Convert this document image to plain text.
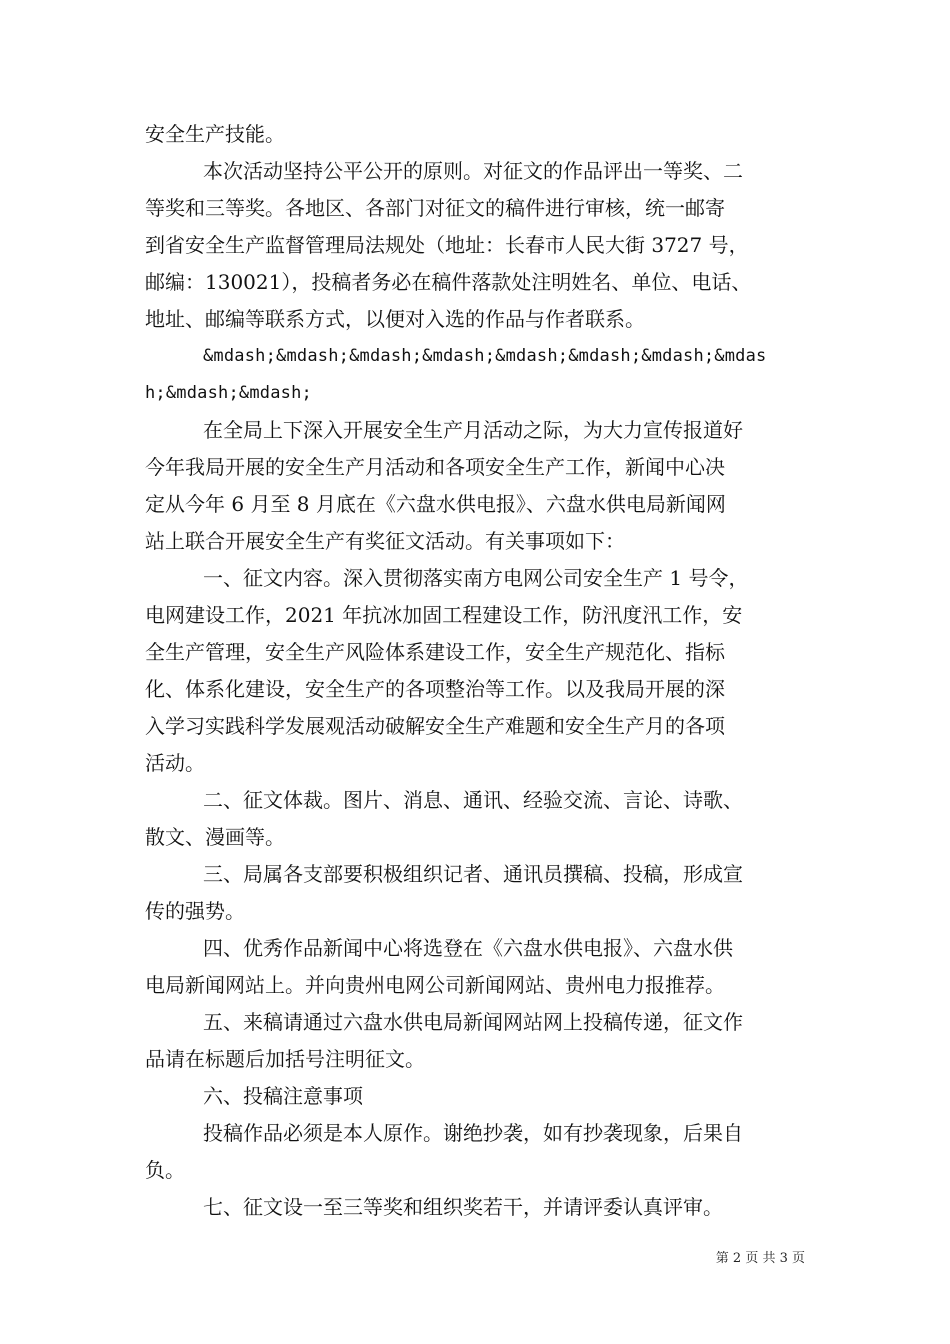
安全生产技能。
本次活动坚持公平公开的原则。对征文的作品评出一等奖、二
等奖和三等奖。各地区、各部门对征文的稿件进行审核，统一邮寄
到省安全生产监督管理局法规处（地址：长春市人民大街 3727 号，
邮编：130021），投稿者务必在稿件落款处注明姓名、单位、电话、
地址、邮编等联系方式，以便对入选的作品与作者联系。
&mdash;&mdash;&mdash;&mdash;&mdash;&mdash;&mdash;&mdas
h;&mdash;&mdash;
在全局上下深入开展安全生产月活动之际，为大力宣传报道好
今年我局开展的安全生产月活动和各项安全生产工作，新闻中心决
定从今年 6 月至 8 月底在《六盘水供电报》、六盘水供电局新闻网
站上联合开展安全生产有奖征文活动。有关事项如下：
一、征文内容。深入贯彻落实南方电网公司安全生产 1 号令，
电网建设工作，2021 年抗冰加固工程建设工作，防汛度汛工作，安
全生产管理，安全生产风险体系建设工作，安全生产规范化、指标
化、体系化建设，安全生产的各项整治等工作。以及我局开展的深
入学习实践科学发展观活动破解安全生产难题和安全生产月的各项
活动。
二、征文体裁。图片、消息、通讯、经验交流、言论、诗歌、
散文、漫画等。
三、局属各支部要积极组织记者、通讯员撰稿、投稿，形成宣
传的强势。
四、优秀作品新闻中心将选登在《六盘水供电报》、六盘水供
电局新闻网站上。并向贵州电网公司新闻网站、贵州电力报推荐。
五、来稿请通过六盘水供电局新闻网站网上投稿传递，征文作
品请在标题后加括号注明征文。
六、投稿注意事项
投稿作品必须是本人原作。谢绝抄袭，如有抄袭现象，后果自
负。
七、征文设一至三等奖和组织奖若干，并请评委认真评审。
第 2 页 共 3 页
